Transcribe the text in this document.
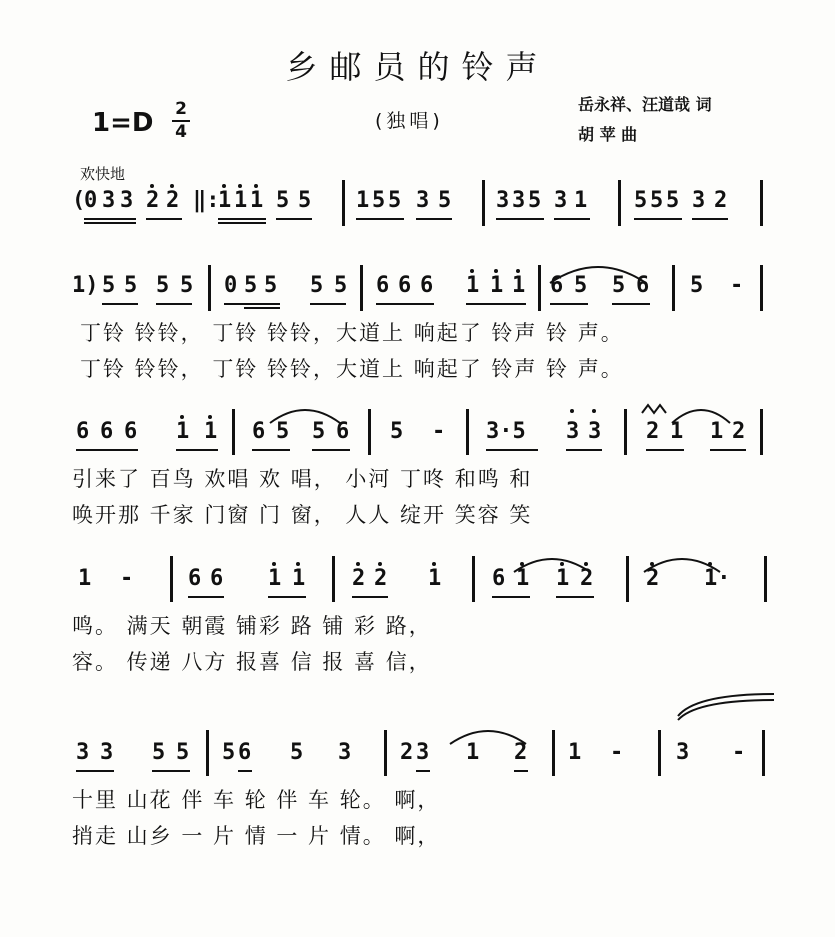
乡邮员的铃声
1=D 2
4	(独唱)
岳永祥、汪道哉 词
胡 苹 曲
欢快地
(
0 3 3 2 2 ‖:
1 1 1 5 5 1 5 5 3 5 3 3 5 3 1 5 5 5 3 2
1) 5 5 5 5 0 5 5 5 5 6 6 6 1 1 1 6 5 5 6 5 -
丁铃 铃铃， 丁铃 铃铃，大道上 响起了 铃声 铃 声。
丁铃 铃铃， 丁铃 铃铃，大道上 响起了 铃声 铃 声。
6 6 6 1 1 6 5 5 6 5 - 3·5 3 3 2 1 1 2
引来了 百鸟 欢唱 欢 唱， 小河 丁咚 和鸣 和
唤开那 千家 门窗 门 窗， 人人 绽开 笑容 笑
1 - 6 6 1 1 2 2 1 6 1 1 2 2 1·
鸣。 满天 朝霞 铺彩 路 铺 彩 路，
容。 传递 八方 报喜 信 报 喜 信，
3 3 5 5 5 6 5 3 2 3 1 2 1 - 3 -
十里 山花 伴 车 轮 伴 车 轮。 啊，
捎走 山乡 一 片 情 一 片 情。 啊，
